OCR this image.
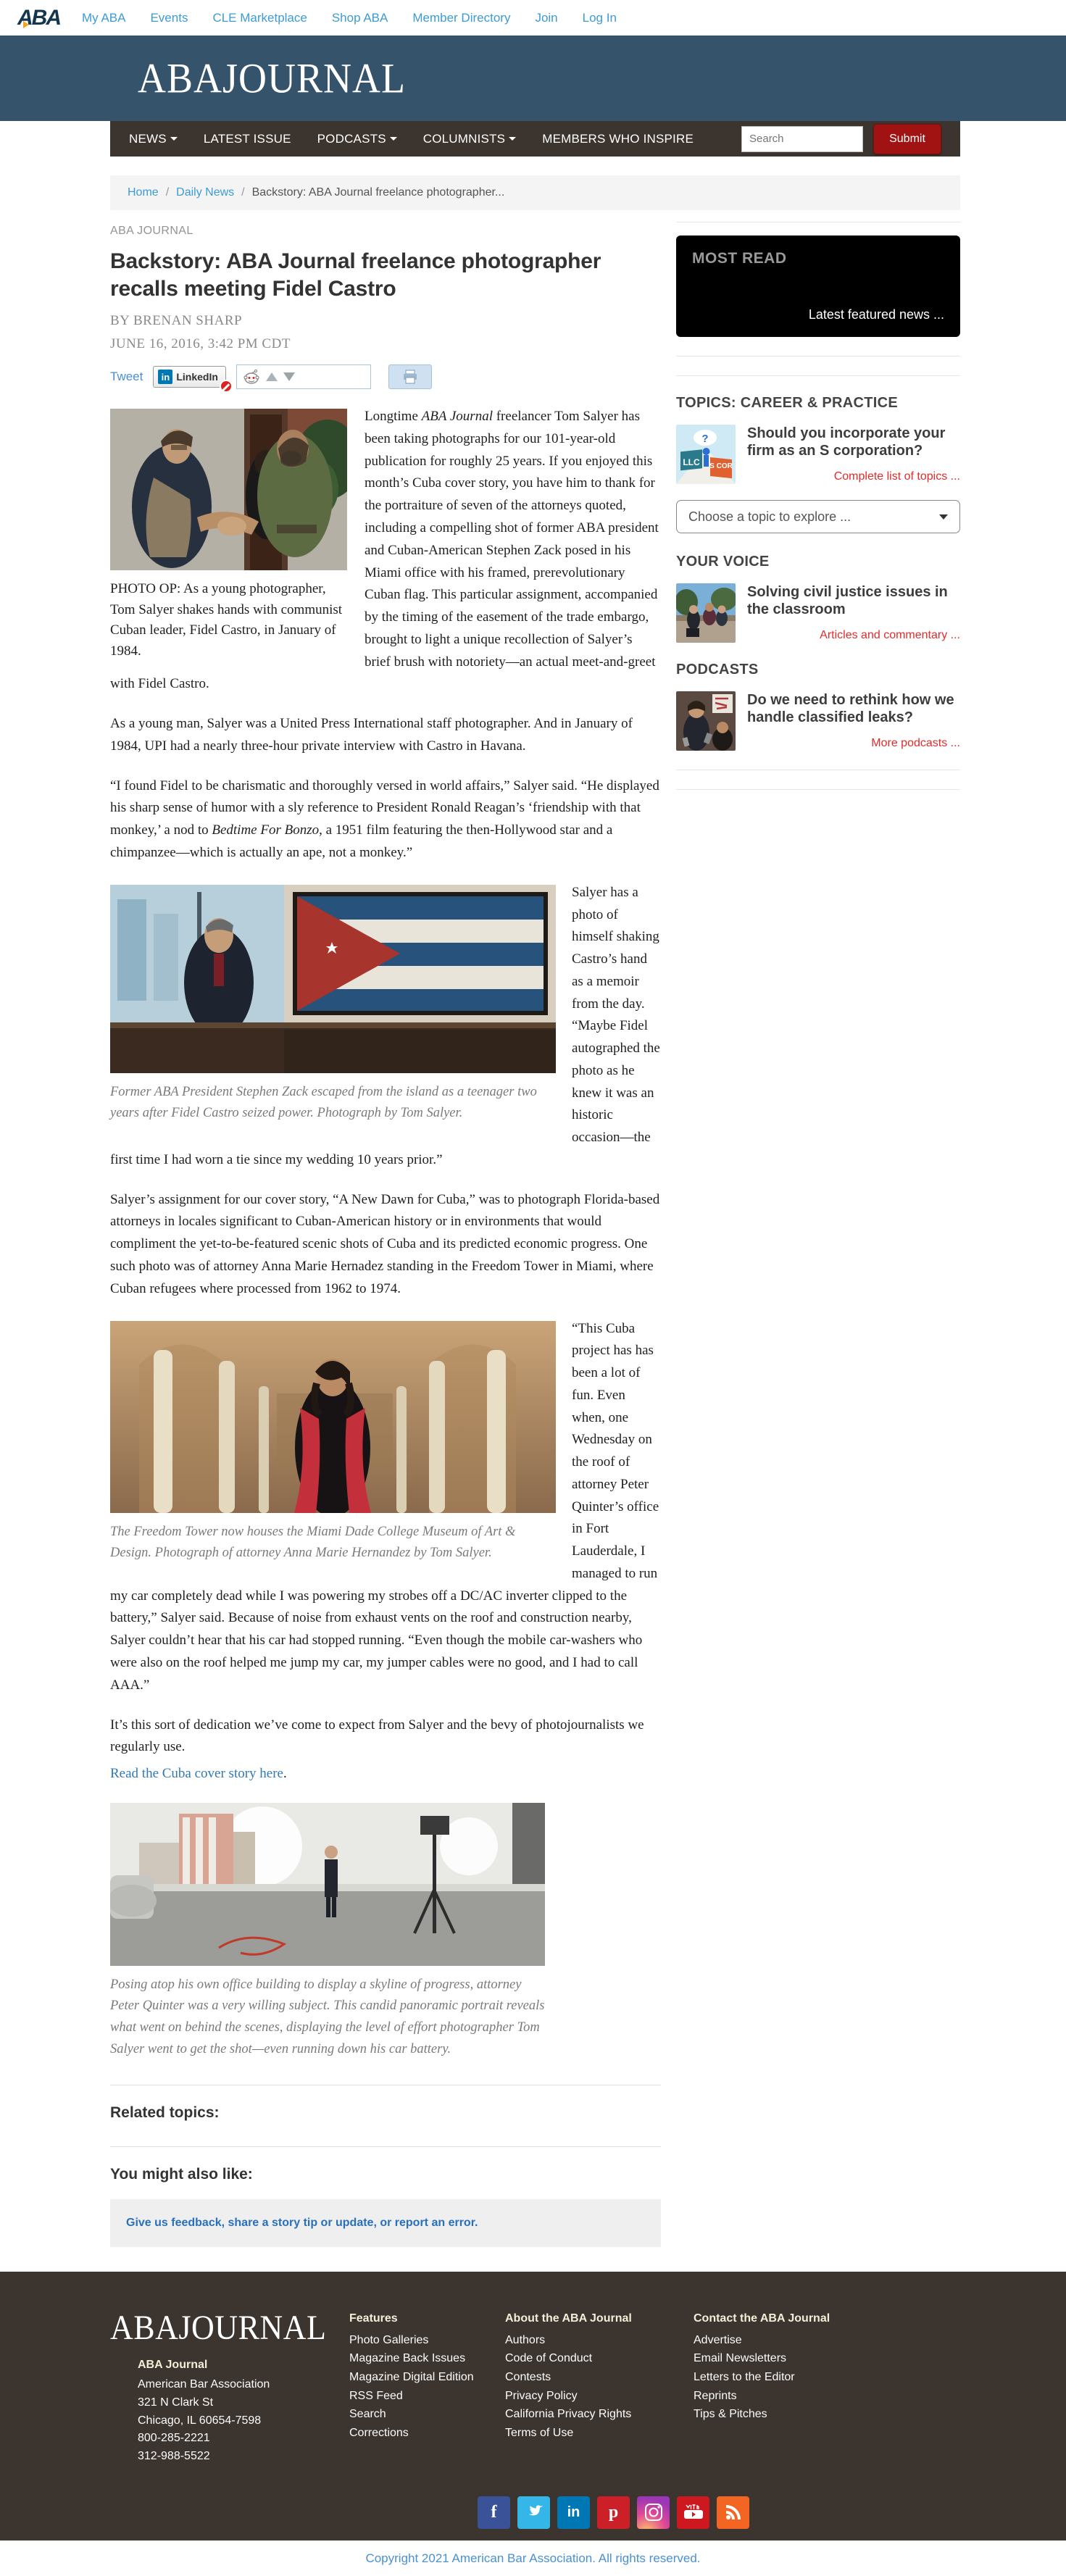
ABA My ABA Events CLE Marketplace Shop ABA Member Directory Join Log In
ABAJOURNAL
NEWS	LATEST ISSUE PODCASTS	COLUMNISTS	MEMBERS WHO INSPIRE
Search	Submit
Home / Daily News / Backstory: ABA Journal freelance photographer...
ABA JOURNAL
Backstory: ABA Journal freelance photographer recalls meeting Fidel Castro
BY BRENAN SHARP
JUNE 16, 2016, 3:42 PM CDT
Tweet	in LinkedIn
PHOTO OP: As a young photographer, Tom Salyer shakes hands with communist Cuban leader, Fidel Castro, in January of 1984.

Longtime ABA Journal freelancer Tom Salyer has been taking photographs for our 101-year-old publication for roughly 25 years. If you enjoyed this month’s Cuba cover story, you have him to thank for the portraiture of seven of the attorneys quoted, including a compelling shot of former ABA president and Cuban-American Stephen Zack posed in his Miami office with his framed, prerevolutionary Cuban flag. This particular assignment, accompanied by the timing of the easement of the trade embargo, brought to light a unique recollection of Salyer’s brief brush with notoriety—an actual meet-and-greet with Fidel Castro.

As a young man, Salyer was a United Press International staff photographer. And in January of 1984, UPI had a nearly three-hour private interview with Castro in Havana.

“I found Fidel to be charismatic and thoroughly versed in world affairs,” Salyer said. “He displayed his sharp sense of humor with a sly reference to President Ronald Reagan’s ‘friendship with that monkey,’ a nod to Bedtime For Bonzo, a 1951 film featuring the then-Hollywood star and a chimpanzee—which is actually an ape, not a monkey.”

Former ABA President Stephen Zack escaped from the island as a teenager two years after Fidel Castro seized power. Photograph by Tom Salyer.

Salyer has a photo of himself shaking Castro’s hand as a memoir from the day. “Maybe Fidel autographed the photo as he knew it was an historic occasion—the first time I had worn a tie since my wedding 10 years prior.”

Salyer’s assignment for our cover story, “A New Dawn for Cuba,” was to photograph Florida-based attorneys in locales significant to Cuban-American history or in environments that would compliment the yet-to-be-featured scenic shots of Cuba and its predicted economic progress. One such photo was of attorney Anna Marie Hernadez standing in the Freedom Tower in Miami, where Cuban refugees where processed from 1962 to 1974.

The Freedom Tower now houses the Miami Dade College Museum of Art & Design. Photograph of attorney Anna Marie Hernandez by Tom Salyer.

“This Cuba project has has been a lot of fun. Even when, one Wednesday on the roof of attorney Peter Quinter’s office in Fort Lauderdale, I managed to run my car completely dead while I was powering my strobes off a DC/AC inverter clipped to the battery,” Salyer said. Because of noise from exhaust vents on the roof and construction nearby, Salyer couldn’t hear that his car had stopped running. “Even though the mobile car-washers who were also on the roof helped me jump my car, my jumper cables were no good, and I had to call AAA.”

It’s this sort of dedication we’ve come to expect from Salyer and the bevy of photojournalists we regularly use.

Read the Cuba cover story here.

Posing atop his own office building to display a skyline of progress, attorney Peter Quinter was a very willing subject. This candid panoramic portrait reveals what went on behind the scenes, displaying the level of effort photographer Tom Salyer went to get the shot—even running down his car battery.
Related topics:
You might also like:
Give us feedback, share a story tip or update, or report an error.
MOST READ
Latest featured news ...
TOPICS: CAREER & PRACTICE
?
LLC S COR
Should you incorporate your firm as an S corporation?
Complete list of topics ...
Choose a topic to explore ...
YOUR VOICE
Solving civil justice issues in the classroom
Articles and commentary ...
PODCASTS
Do we need to rethink how we handle classified leaks?
More podcasts ...
ABAJOURNAL
ABA Journal
American Bar Association
321 N Clark St
Chicago, IL 60654-7598
800-285-2221
312-988-5522
Features
Photo Galleries
Magazine Back Issues
Magazine Digital Edition
RSS Feed
Search
Corrections
About the ABA Journal
Authors
Code of Conduct
Contests
Privacy Policy
California Privacy Rights
Terms of Use
Contact the ABA Journal
Advertise
Email Newsletters
Letters to the Editor
Reprints
Tips & Pitches
f	in	p
Copyright 2021 American Bar Association. All rights reserved.
